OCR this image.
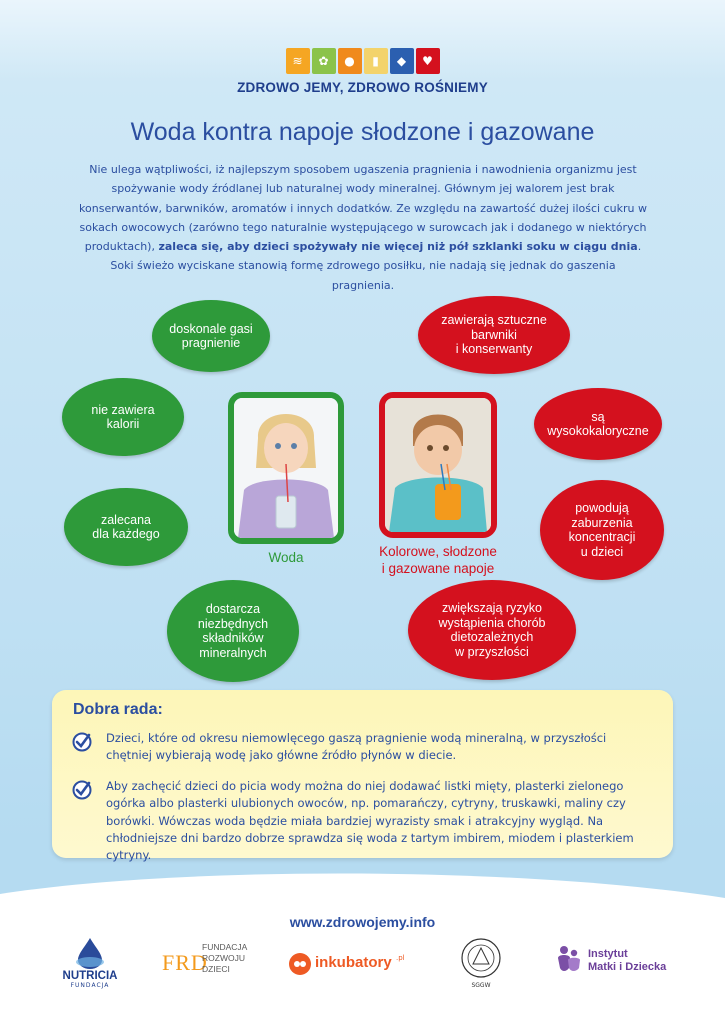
≋ ✿ ●	▮	◆ ♥
ZDROWO JEMY, ZDROWO ROŚNIEMY
Woda kontra napoje słodzone i gazowane

Nie ulega wątpliwości, iż najlepszym sposobem ugaszenia pragnienia i nawodnienia organizmu jest spożywanie wody źródlanej lub naturalnej wody mineralnej. Głównym jej walorem jest brak konserwantów, barwników, aromatów i innych dodatków. Ze względu na zawartość dużej ilości cukru w sokach owocowych (zarówno tego naturalnie występującego w surowcach jak i dodanego w niektórych produktach), zaleca się, aby dzieci spożywały nie więcej niż pół szklanki soku w ciągu dnia. Soki świeżo wyciskane stanowią formę zdrowego posiłku, nie nadają się jednak do gaszenia pragnienia.

doskonale gasi
pragnienie
nie zawiera
kalorii
zalecana
dla każdego
dostarcza
niezbędnych
składników
mineralnych
zawierają sztuczne
barwniki
i konserwanty
są
wysokokaloryczne
powodują
zaburzenia
koncentracji
u dzieci
zwiększają ryzyko
wystąpienia chorób
dietozależnych
w przyszłości
Woda	Kolorowe, słodzone
i gazowane napoje
Dobra rada:

Dzieci, które od okresu niemowlęcego gaszą pragnienie wodą mineralną, w przyszłości chętniej wybierają wodę jako główne źródło płynów w diecie.

Aby zachęcić dzieci do picia wody można do niej dodawać listki mięty, plasterki zielonego ogórka albo plasterki ulubionych owoców, np. pomarańczy, cytryny, truskawki, maliny czy borówki. Wówczas woda będzie miała bardziej wyrazisty smak i atrakcyjny wygląd. Na chłodniejsze dni bardzo dobrze sprawdza się woda z tartym imbirem, miodem i plasterkiem cytryny.

www.zdrowojemy.info
NUTRICIA
FUNDACJA
FRD
FUNDACJA
ROZWOJU
DZIECI	inkubatory .pl
SGGW
Instytut
Matki i Dziecka
